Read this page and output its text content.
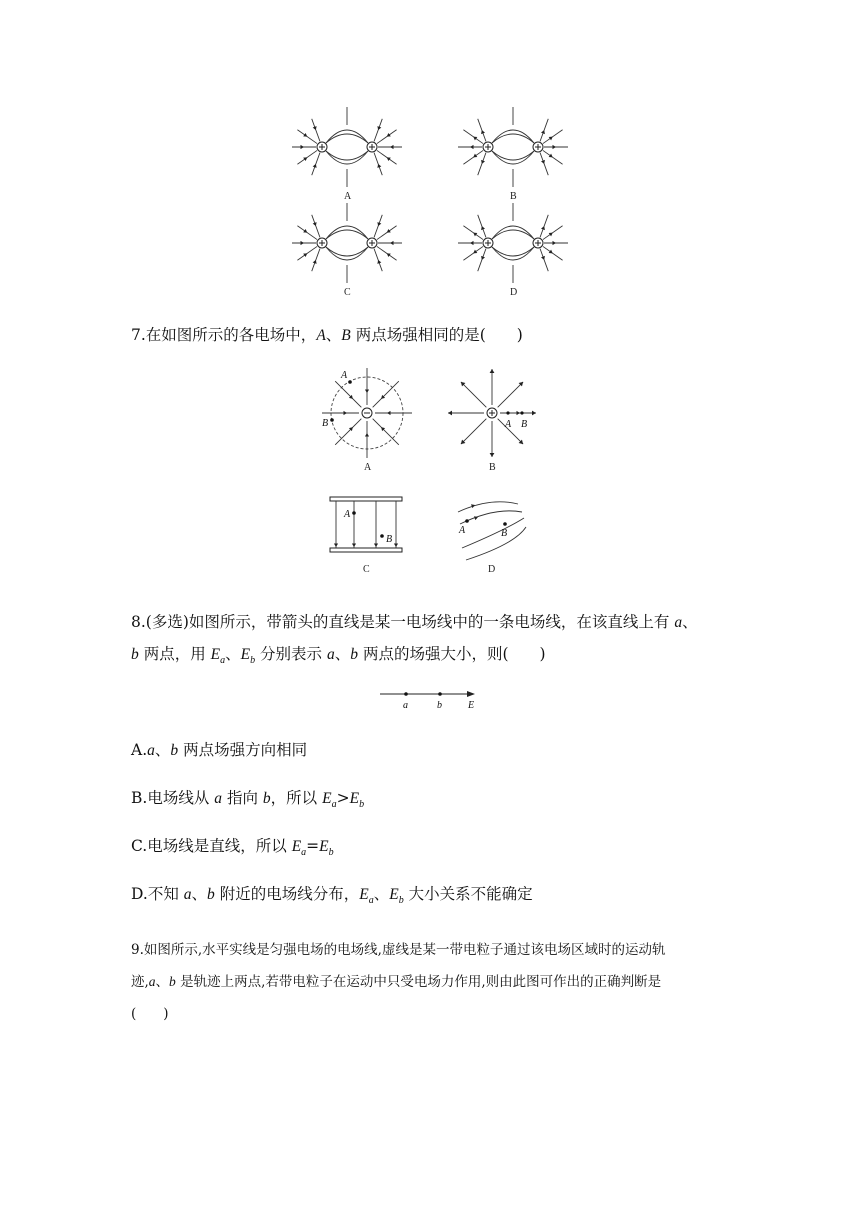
A	B
C	D
7.在如图所示的各电场中，A、B 两点场强相同的是(　　)
A
B
A
A B
B
A
B
C
A	B
D
8.(多选)如图所示，带箭头的直线是某一电场线中的一条电场线，在该直线上有 a、
b 两点，用 $E_a$、$E_b$ 分别表示 a、b 两点的场强大小，则(　　)
a	b	E
A.a、b 两点场强方向相同
B.电场线从 a 指向 b，所以 $E_a>E_b$
C.电场线是直线，所以 $E_a=E_b$
D.不知 a、b 附近的电场线分布，$E_a$、$E_b$ 大小关系不能确定
9.如图所示,水平实线是匀强电场的电场线,虚线是某一带电粒子通过该电场区域时的运动轨
迹,a、b 是轨迹上两点,若带电粒子在运动中只受电场力作用,则由此图可作出的正确判断是
(　　)
